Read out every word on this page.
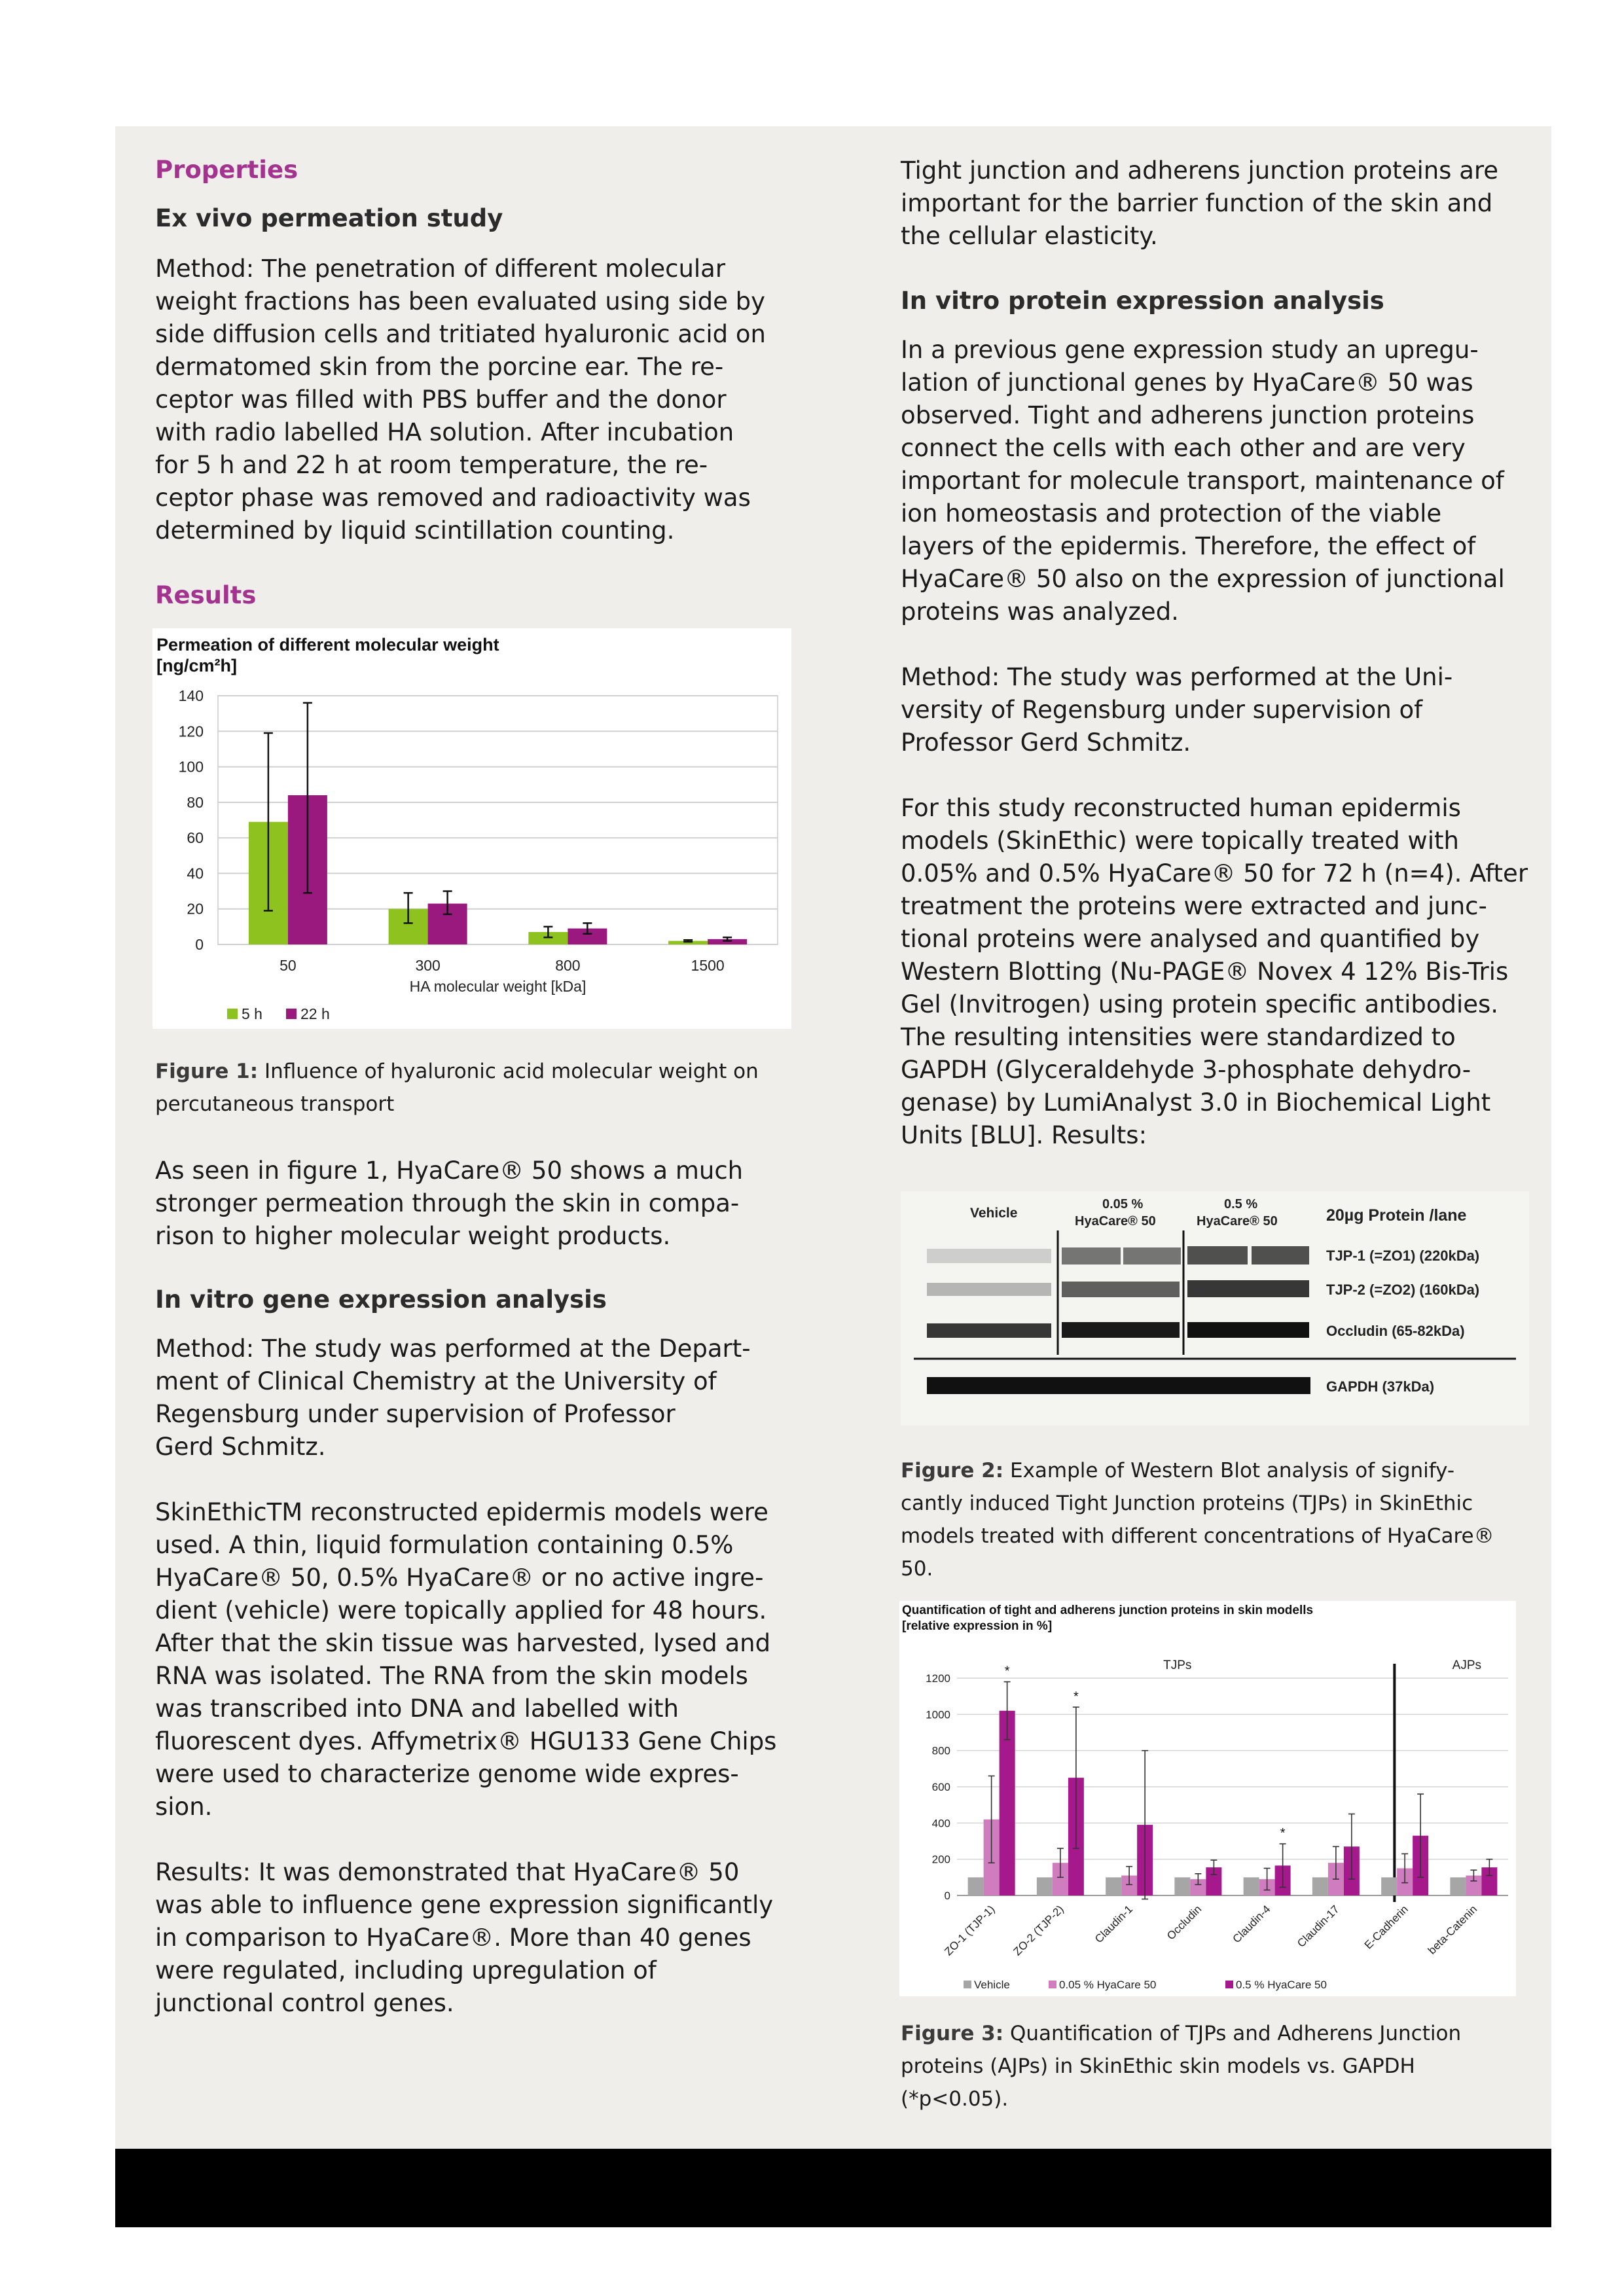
Properties

Ex vivo permeation study

Method: The penetration of different molecular
weight fractions has been evaluated using side by
side diffusion cells and tritiated hyaluronic acid on
dermatomed skin from the porcine ear. The re-
ceptor was filled with PBS buffer and the donor
with radio labelled HA solution. After incubation
for 5 h and 22 h at room temperature, the re-
ceptor phase was removed and radioactivity was
determined by liquid scintillation counting.

Results

Permeation of different molecular weight
[ng/cm²h]
0
20
40
60
80
100
120
140
50	300	800	1500
HA molecular weight [kDa]
5 h	22 h

Figure 1: Influence of hyaluronic acid molecular weight on percutaneous transport

As seen in figure 1, HyaCare® 50 shows a much
stronger permeation through the skin in compa-
rison to higher molecular weight products.

In vitro gene expression analysis

Method: The study was performed at the Depart-
ment of Clinical Chemistry at the University of
Regensburg under supervision of Professor
Gerd Schmitz.

SkinEthicTM reconstructed epidermis models were
used. A thin, liquid formulation containing 0.5%
HyaCare® 50, 0.5% HyaCare® or no active ingre-
dient (vehicle) were topically applied for 48 hours.
After that the skin tissue was harvested, lysed and
RNA was isolated. The RNA from the skin models
was transcribed into DNA and labelled with
fluorescent dyes. Affymetrix® HGU133 Gene Chips
were used to characterize genome wide expres-
sion.

Results: It was demonstrated that HyaCare® 50
was able to influence gene expression significantly
in comparison to HyaCare®. More than 40 genes
were regulated, including upregulation of
junctional control genes.

Tight junction and adherens junction proteins are
important for the barrier function of the skin and
the cellular elasticity.

In vitro protein expression analysis

In a previous gene expression study an upregu-
lation of junctional genes by HyaCare® 50 was
observed. Tight and adherens junction proteins
connect the cells with each other and are very
important for molecule transport, maintenance of
ion homeostasis and protection of the viable
layers of the epidermis. Therefore, the effect of
HyaCare® 50 also on the expression of junctional
proteins was analyzed.

Method: The study was performed at the Uni-
versity of Regensburg under supervision of
Professor Gerd Schmitz.

For this study reconstructed human epidermis
models (SkinEthic) were topically treated with
0.05% and 0.5% HyaCare® 50 for 72 h (n=4). After
treatment the proteins were extracted and junc-
tional proteins were analysed and quantified by
Western Blotting (Nu-PAGE® Novex 4 12% Bis-Tris
Gel (Invitrogen) using protein specific antibodies.
The resulting intensities were standardized to
GAPDH (Glyceraldehyde 3-phosphate dehydro-
genase) by LumiAnalyst 3.0 in Biochemical Light
Units [BLU]. Results:

Vehicle
0.05 %
HyaCare® 50
0.5 %
HyaCare® 50	20µg Protein /lane
TJP-1 (=ZO1) (220kDa)
TJP-2 (=ZO2) (160kDa)
Occludin (65-82kDa)
GAPDH (37kDa)

Figure 2: Example of Western Blot analysis of signify-cantly induced Tight Junction proteins (TJPs) in SkinEthic models treated with different concentrations of HyaCare® 50.

Quantification of tight and adherens junction proteins in skin modells
[relative expression in %]
0
200
400
600
800
1000
1200
TJPs	AJPs
*
ZO-1 (TJP-1)
*
ZO-2 (TJP-2) Claudin-1	Occludin
*
Claudin-4 Claudin-17 E-Cadherin beta-Catenin
Vehicle	0.05 % HyaCare 50	0.5 % HyaCare 50

Figure 3: Quantification of TJPs and Adherens Junction proteins (AJPs) in SkinEthic skin models vs. GAPDH (*p<0.05).
